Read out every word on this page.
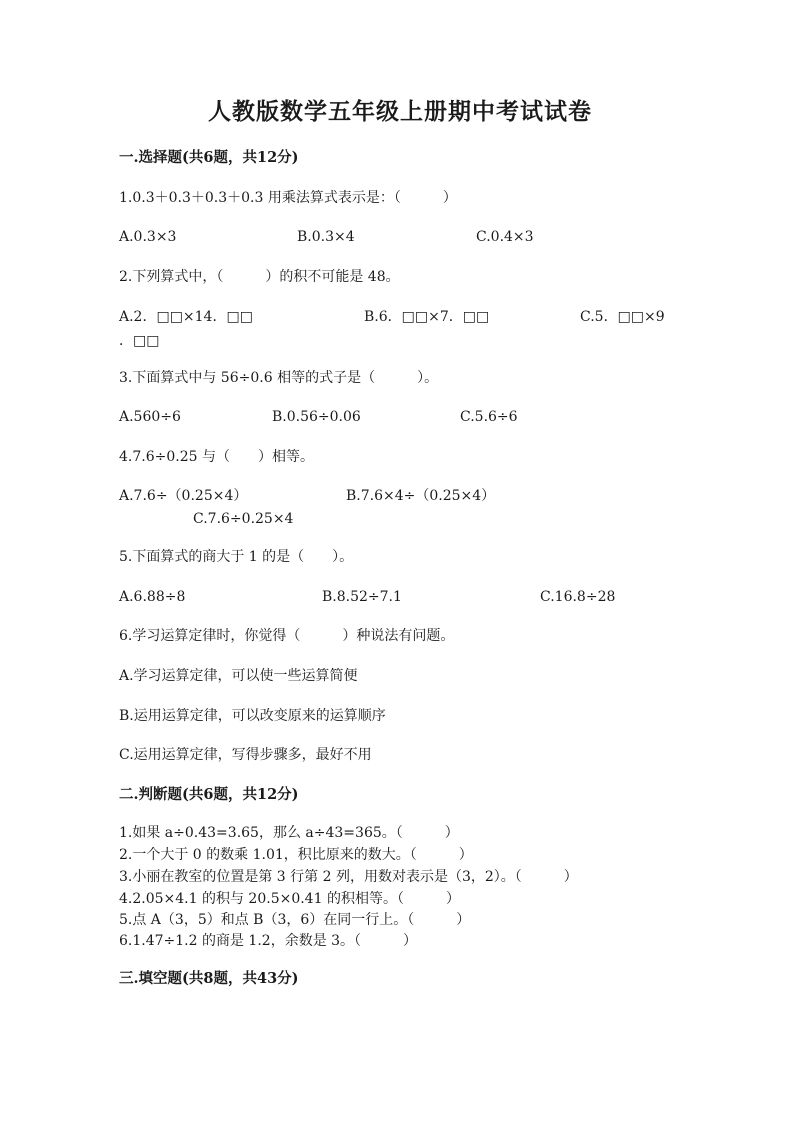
人教版数学五年级上册期中考试试卷
一.选择题(共6题，共12分)
1.0.3＋0.3＋0.3＋0.3 用乘法算式表示是：（　　　）
A.0.3×3	B.0.3×4	C.0.4×3
2.下列算式中，（　　　）的积不可能是 48。
A.2．□□×14．□□	B.6．□□×7．□□	C.5．□□×9
．□□
3.下面算式中与 56÷0.6 相等的式子是（　　　）。
A.560÷6	B.0.56÷0.06	C.5.6÷6
4.7.6÷0.25 与（　　）相等。
A.7.6÷（0.25×4）	B.7.6×4÷（0.25×4）
C.7.6÷0.25×4
5.下面算式的商大于 1 的是（　　）。
A.6.88÷8	B.8.52÷7.1	C.16.8÷28
6.学习运算定律时，你觉得（　　　）种说法有问题。
A.学习运算定律，可以使一些运算简便
B.运用运算定律，可以改变原来的运算顺序
C.运用运算定律，写得步骤多，最好不用
二.判断题(共6题，共12分)
1.如果 a÷0.43=3.65，那么 a÷43=365。（　　　）
2.一个大于 0 的数乘 1.01，积比原来的数大。（　　　）
3.小丽在教室的位置是第 3 行第 2 列，用数对表示是（3，2）。（　　　）
4.2.05×4.1 的积与 20.5×0.41 的积相等。（　　　）
5.点 A（3，5）和点 B（3，6）在同一行上。（　　　）
6.1.47÷1.2 的商是 1.2，余数是 3。（　　　）
三.填空题(共8题，共43分)
